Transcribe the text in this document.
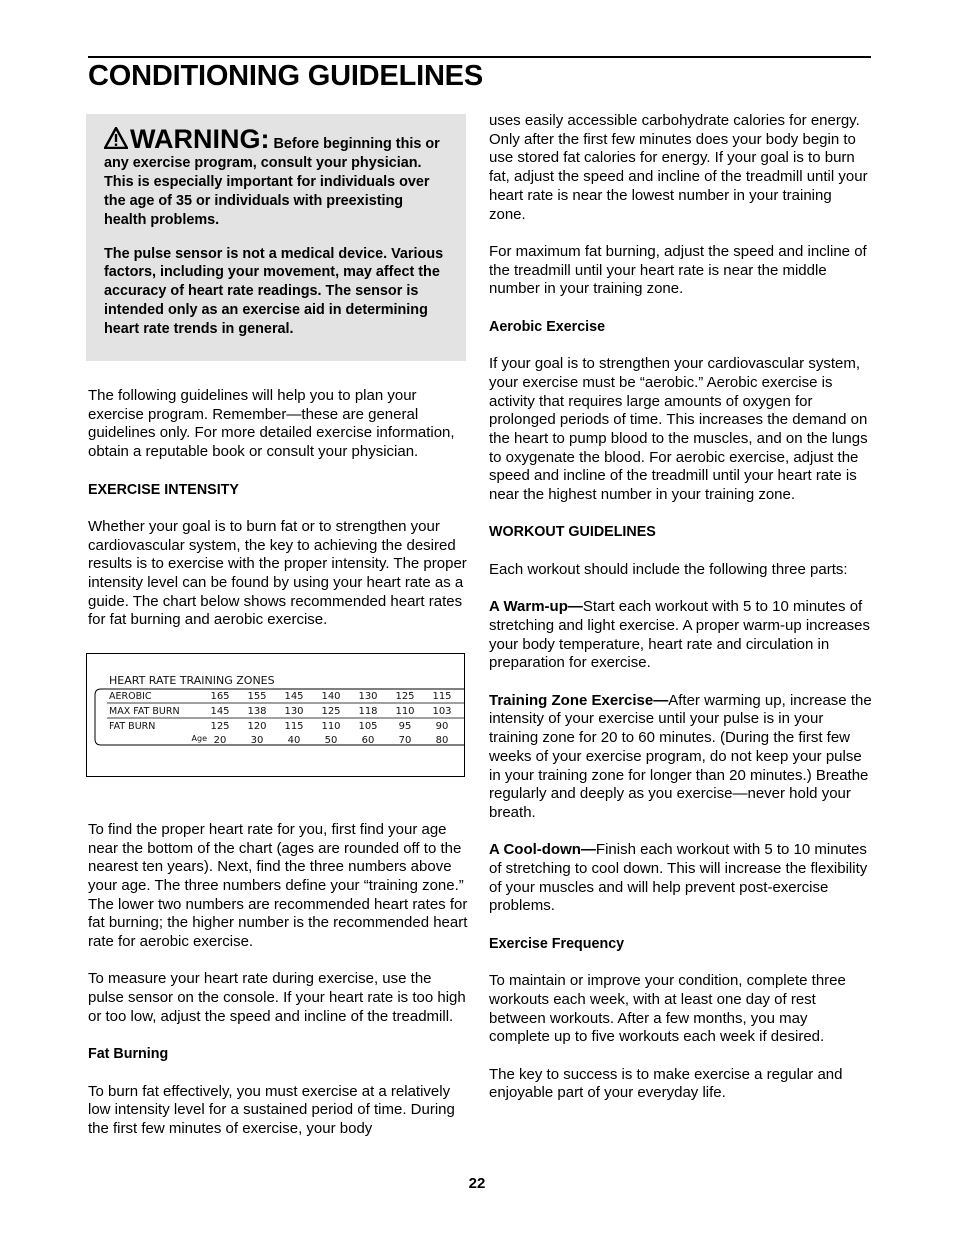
CONDITIONING GUIDELINES

WARNING: Before beginning this or any exercise program, consult your physician. This is especially important for individuals over the age of 35 or individuals with preexisting health problems.

The pulse sensor is not a medical device. Various factors, including your movement, may affect the accuracy of heart rate readings. The sensor is intended only as an exercise aid in determining heart rate trends in general.

The following guidelines will help you to plan your exercise program. Remember—these are general guidelines only. For more detailed exercise information, obtain a reputable book or consult your physician.

EXERCISE INTENSITY

Whether your goal is to burn fat or to strengthen your cardiovascular system, the key to achieving the desired results is to exercise with the proper intensity. The proper intensity level can be found by using your heart rate as a guide. The chart below shows recommended heart rates for fat burning and aerobic exercise.

To find the proper heart rate for you, first find your age near the bottom of the chart (ages are rounded off to the nearest ten years). Next, find the three numbers above your age. The three numbers define your “training zone.” The lower two numbers are recommended heart rates for fat burning; the higher number is the recommended heart rate for aerobic exercise.

To measure your heart rate during exercise, use the pulse sensor on the console. If your heart rate is too high or too low, adjust the speed and incline of the treadmill.

Fat Burning

To burn fat effectively, you must exercise at a relatively low intensity level for a sustained period of time. During the first few minutes of exercise, your body

HEART RATE TRAINING ZONES
AEROBIC	165 155 145 140 130 125 115
MAX FAT BURN	145 138 130 125 118 110 103
FAT BURN	125 120 115 110 105 95 90
Age 20 30 40 50 60 70 80

uses easily accessible carbohydrate calories for energy. Only after the first few minutes does your body begin to use stored fat calories for energy. If your goal is to burn fat, adjust the speed and incline of the treadmill until your heart rate is near the lowest number in your training zone.

For maximum fat burning, adjust the speed and incline of the treadmill until your heart rate is near the middle number in your training zone.

Aerobic Exercise

If your goal is to strengthen your cardiovascular system, your exercise must be “aerobic.” Aerobic exercise is activity that requires large amounts of oxygen for prolonged periods of time. This increases the demand on the heart to pump blood to the muscles, and on the lungs to oxygenate the blood. For aerobic exercise, adjust the speed and incline of the treadmill until your heart rate is near the highest number in your training zone.

WORKOUT GUIDELINES

Each workout should include the following three parts:

A Warm-up—Start each workout with 5 to 10 minutes of stretching and light exercise. A proper warm-up increases your body temperature, heart rate and circulation in preparation for exercise.

Training Zone Exercise—After warming up, increase the intensity of your exercise until your pulse is in your training zone for 20 to 60 minutes. (During the first few weeks of your exercise program, do not keep your pulse in your training zone for longer than 20 minutes.) Breathe regularly and deeply as you exercise—never hold your breath.

A Cool-down—Finish each workout with 5 to 10 minutes of stretching to cool down. This will increase the flexibility of your muscles and will help prevent post-exercise problems.

Exercise Frequency

To maintain or improve your condition, complete three workouts each week, with at least one day of rest between workouts. After a few months, you may complete up to five workouts each week if desired.

The key to success is to make exercise a regular and enjoyable part of your everyday life.

22
